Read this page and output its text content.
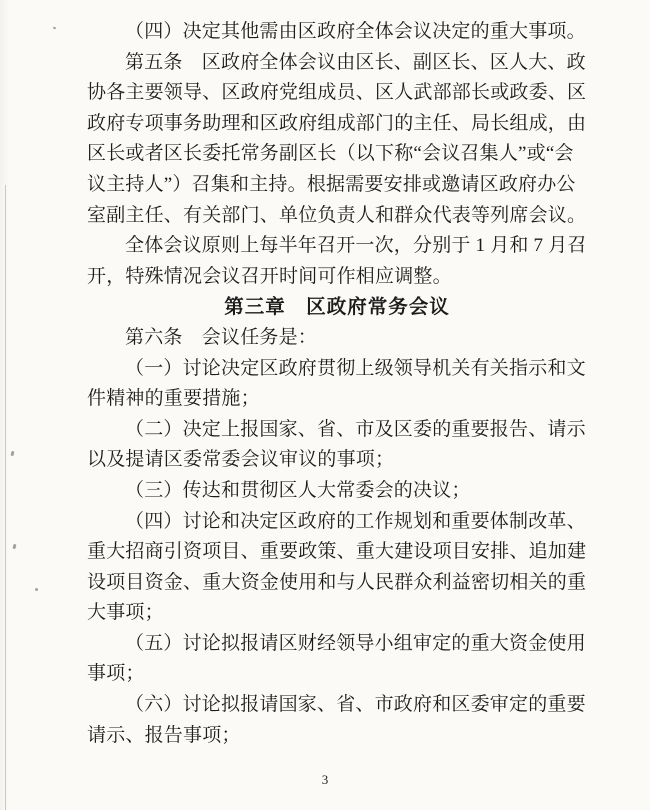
（四）决定其他需由区政府全体会议决定的重大事项。
第五条　区政府全体会议由区长、副区长、区人大、政
协各主要领导、区政府党组成员、区人武部部长或政委、区
政府专项事务助理和区政府组成部门的主任、局长组成，由
区长或者区长委托常务副区长（以下称“会议召集人”或“会
议主持人”）召集和主持。根据需要安排或邀请区政府办公
室副主任、有关部门、单位负责人和群众代表等列席会议。
全体会议原则上每半年召开一次，分别于 1 月和 7 月召
开，特殊情况会议召开时间可作相应调整。
第三章　区政府常务会议
第六条　会议任务是：
（一）讨论决定区政府贯彻上级领导机关有关指示和文
件精神的重要措施；
（二）决定上报国家、省、市及区委的重要报告、请示
以及提请区委常委会议审议的事项；
（三）传达和贯彻区人大常委会的决议；
（四）讨论和决定区政府的工作规划和重要体制改革、
重大招商引资项目、重要政策、重大建设项目安排、追加建
设项目资金、重大资金使用和与人民群众利益密切相关的重
大事项；
（五）讨论拟报请区财经领导小组审定的重大资金使用
事项；
（六）讨论拟报请国家、省、市政府和区委审定的重要
请示、报告事项；
3
